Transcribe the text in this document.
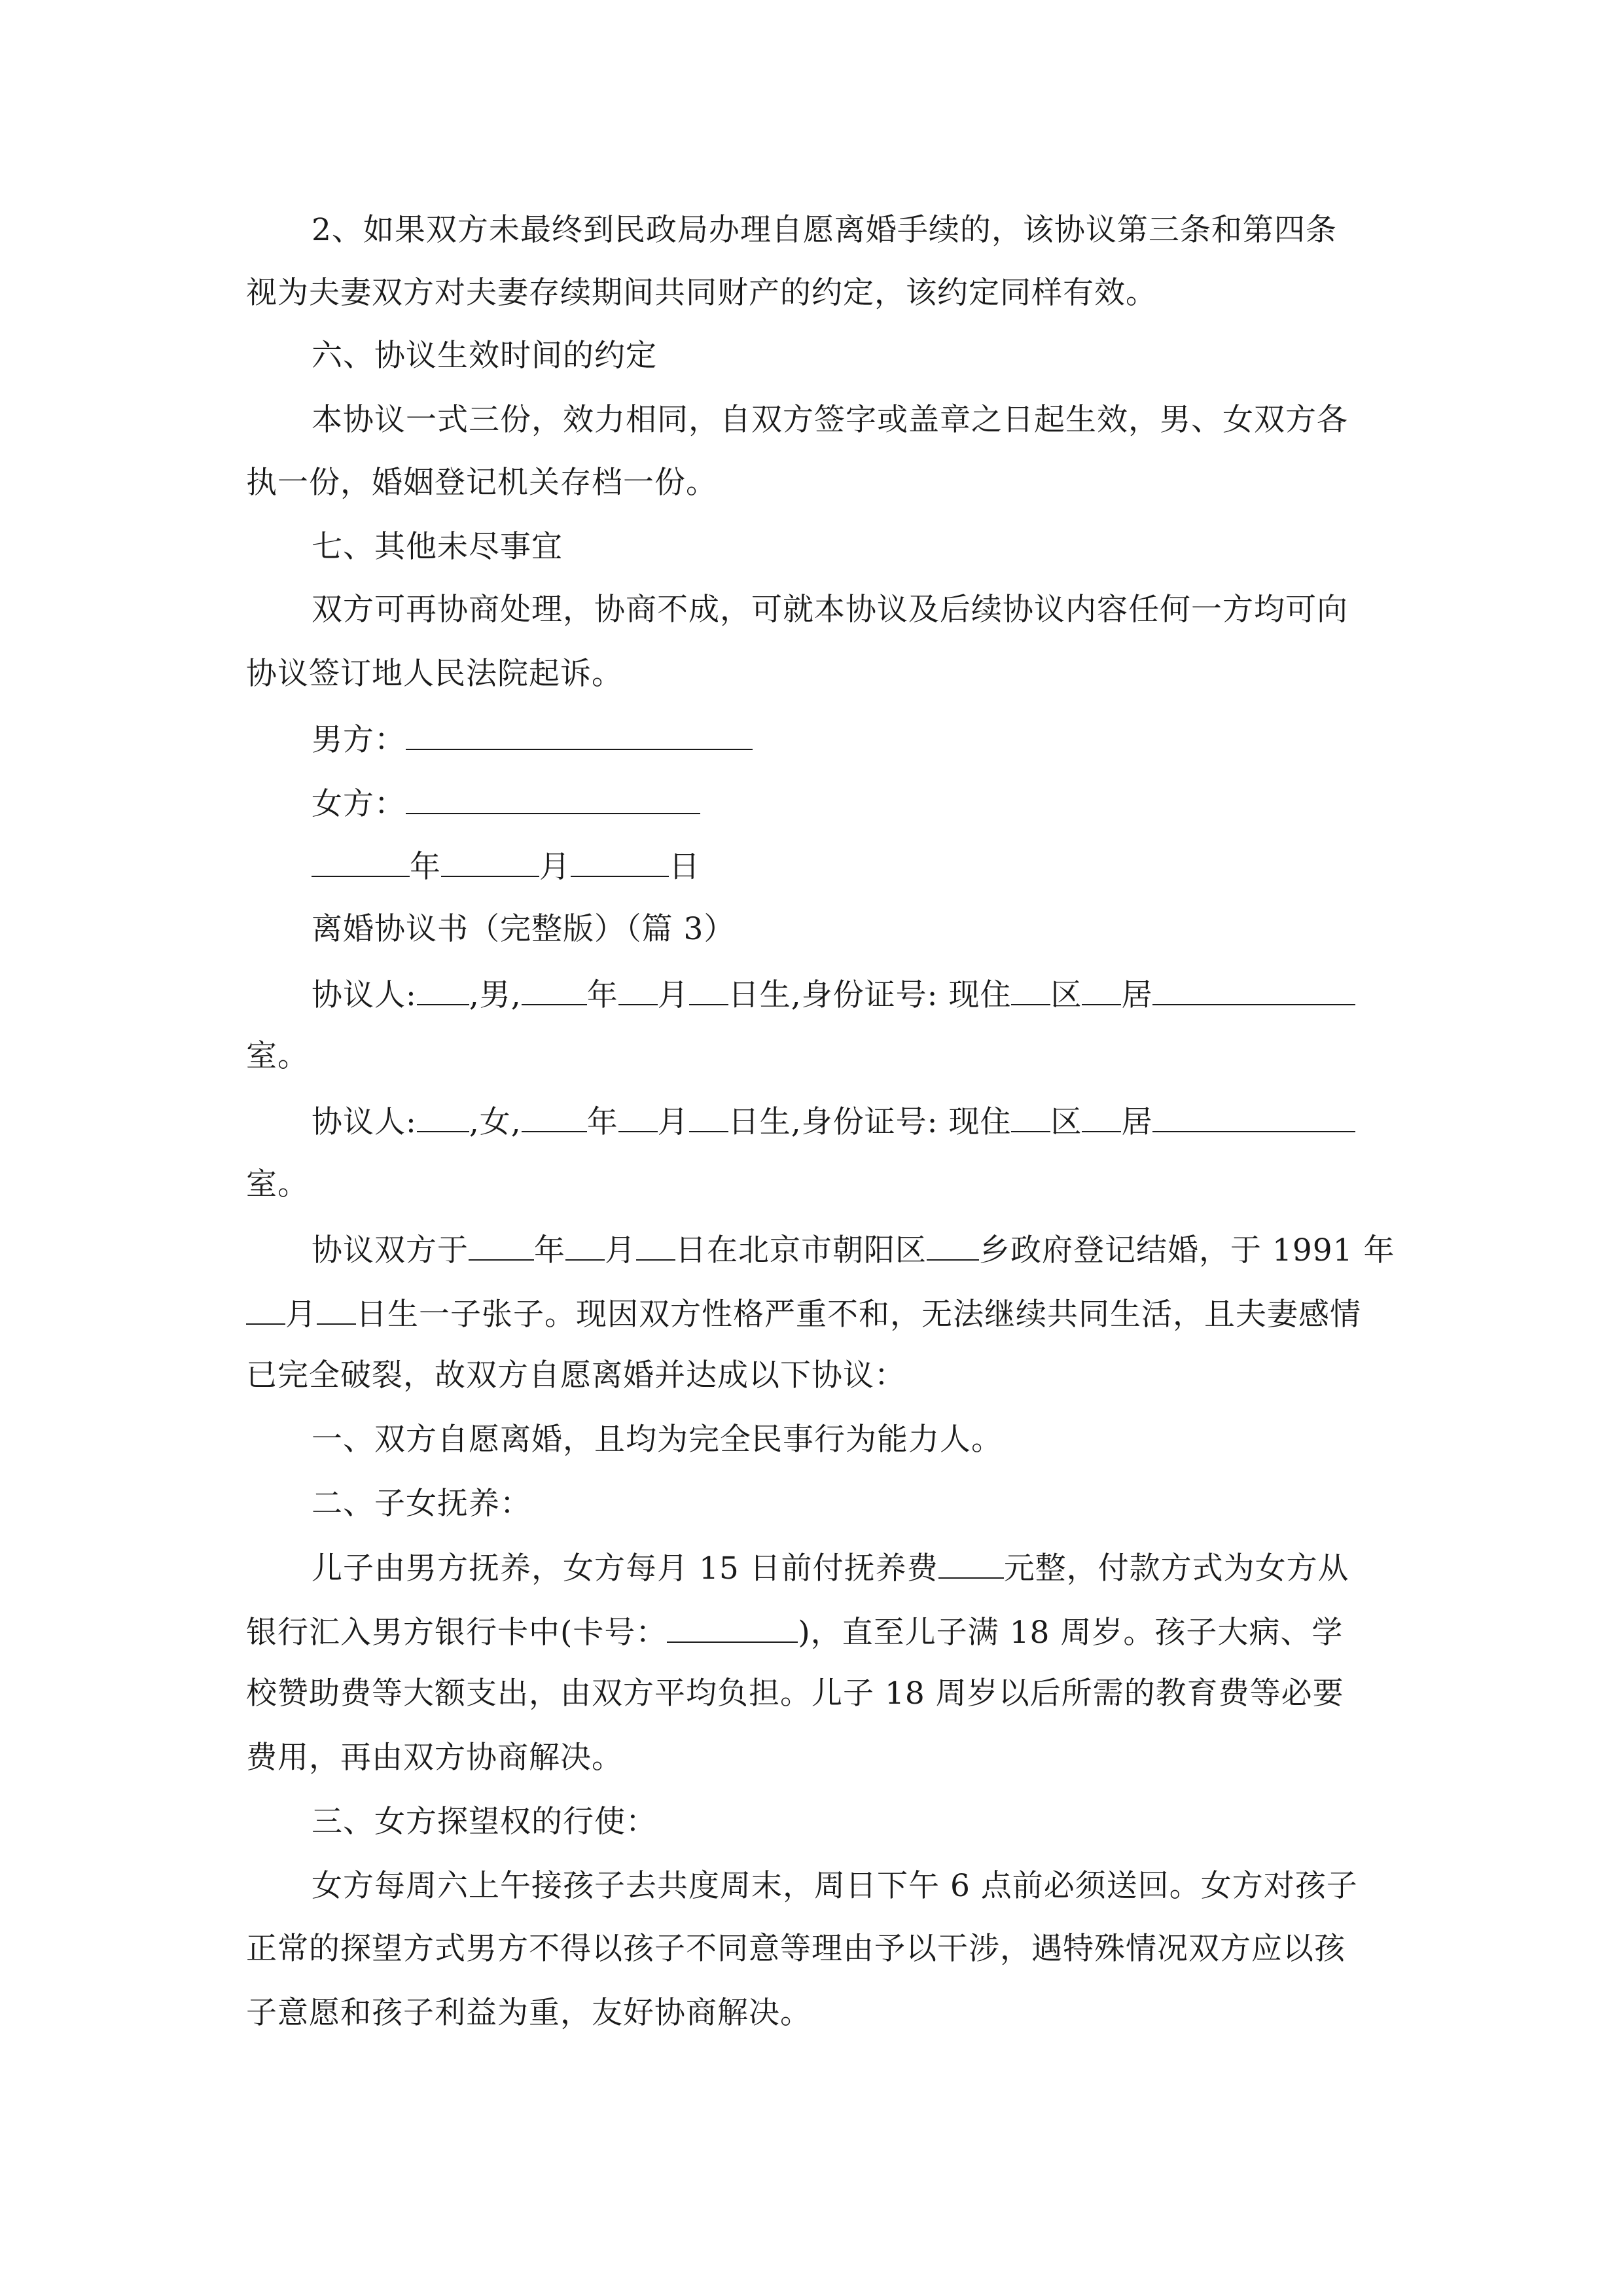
2、如果双方未最终到民政局办理自愿离婚手续的，该协议第三条和第四条
视为夫妻双方对夫妻存续期间共同财产的约定，该约定同样有效。
六、协议生效时间的约定
本协议一式三份，效力相同，自双方签字或盖章之日起生效，男、女双方各
执一份，婚姻登记机关存档一份。
七、其他未尽事宜
双方可再协商处理，协商不成，可就本协议及后续协议内容任何一方均可向
协议签订地人民法院起诉。
男方：
女方：
年	月	日
离婚协议书（完整版）（篇 3）
协议人: ,男, 年 月 日生,身份证号: 现住 区 居
室。
协议人: ,女, 年 月 日生,身份证号: 现住 区 居
室。
协议双方于 年 月 日在北京市朝阳区 乡政府登记结婚，于 1991 年
月 日生一子张子。现因双方性格严重不和，无法继续共同生活，且夫妻感情
已完全破裂，故双方自愿离婚并达成以下协议：
一、双方自愿离婚，且均为完全民事行为能力人。
二、子女抚养：
儿子由男方抚养，女方每月 15 日前付抚养费 元整，付款方式为女方从
银行汇入男方银行卡中(卡号：	)，直至儿子满 18 周岁。孩子大病、学
校赞助费等大额支出，由双方平均负担。儿子 18 周岁以后所需的教育费等必要
费用，再由双方协商解决。
三、女方探望权的行使：
女方每周六上午接孩子去共度周末，周日下午 6 点前必须送回。女方对孩子
正常的探望方式男方不得以孩子不同意等理由予以干涉，遇特殊情况双方应以孩
子意愿和孩子利益为重，友好协商解决。
